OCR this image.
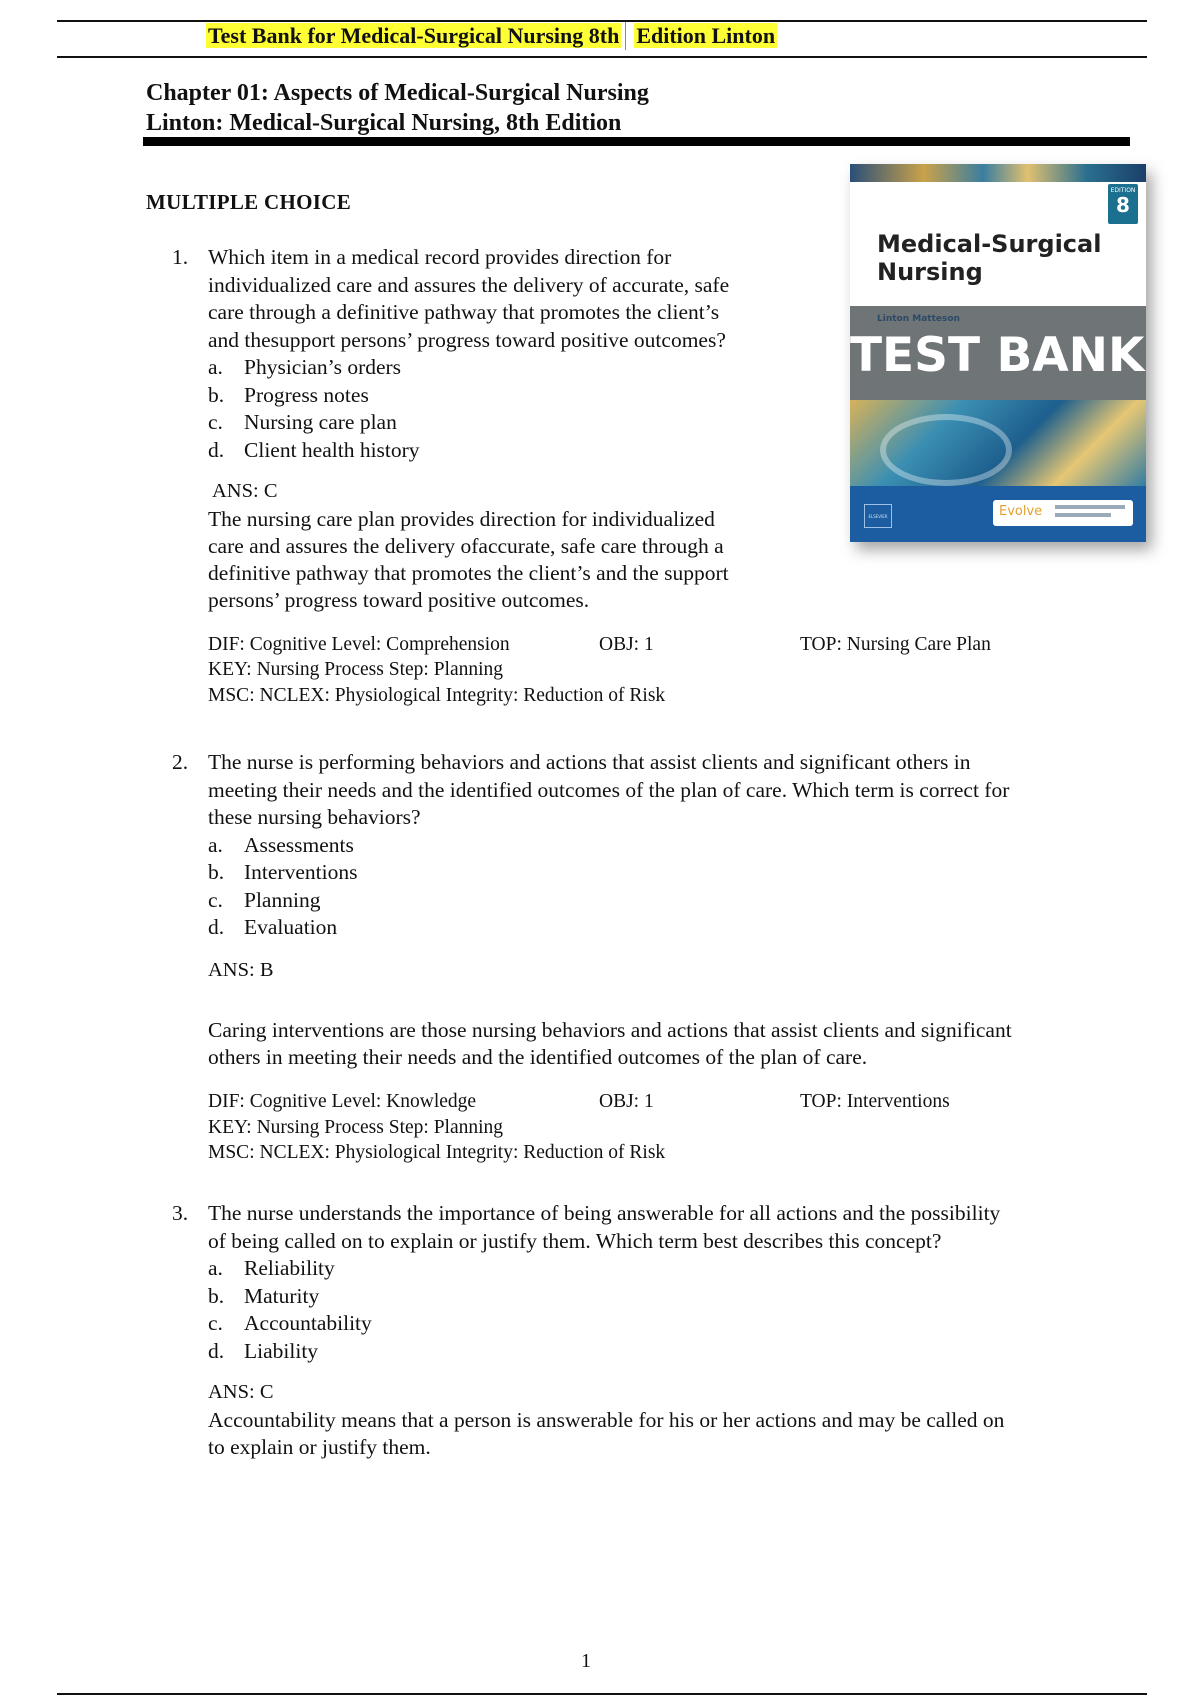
Test Bank for Medical-Surgical Nursing 8th Edition Linton
Chapter 01: Aspects of Medical-Surgical Nursing
Linton: Medical-Surgical Nursing, 8th Edition
MULTIPLE CHOICE	EDITION
8
Medical-Surgical
Nursing
Linton Matteson
TEST BANK
ELSEVIER	Evolve
1. Which item in a medical record provides direction for
individualized care and assures the delivery of accurate, safe
care through a definitive pathway that promotes the client’s
and thesupport persons’ progress toward positive outcomes?
a. Physician’s orders
b. Progress notes
c. Nursing care plan
d. Client health history
ANS: C
The nursing care plan provides direction for individualized
care and assures the delivery ofaccurate, safe care through a
definitive pathway that promotes the client’s and the support
persons’ progress toward positive outcomes.
DIF: Cognitive Level: Comprehension	OBJ: 1	TOP: Nursing Care Plan
KEY: Nursing Process Step: Planning
MSC: NCLEX: Physiological Integrity: Reduction of Risk
2. The nurse is performing behaviors and actions that assist clients and significant others in
meeting their needs and the identified outcomes of the plan of care. Which term is correct for
these nursing behaviors?
a. Assessments
b. Interventions
c. Planning
d. Evaluation
ANS: B
Caring interventions are those nursing behaviors and actions that assist clients and significant
others in meeting their needs and the identified outcomes of the plan of care.
DIF: Cognitive Level: Knowledge	OBJ: 1	TOP: Interventions
KEY: Nursing Process Step: Planning
MSC: NCLEX: Physiological Integrity: Reduction of Risk
3. The nurse understands the importance of being answerable for all actions and the possibility
of being called on to explain or justify them. Which term best describes this concept?
a. Reliability
b. Maturity
c. Accountability
d. Liability
ANS: C
Accountability means that a person is answerable for his or her actions and may be called on
to explain or justify them.
1
